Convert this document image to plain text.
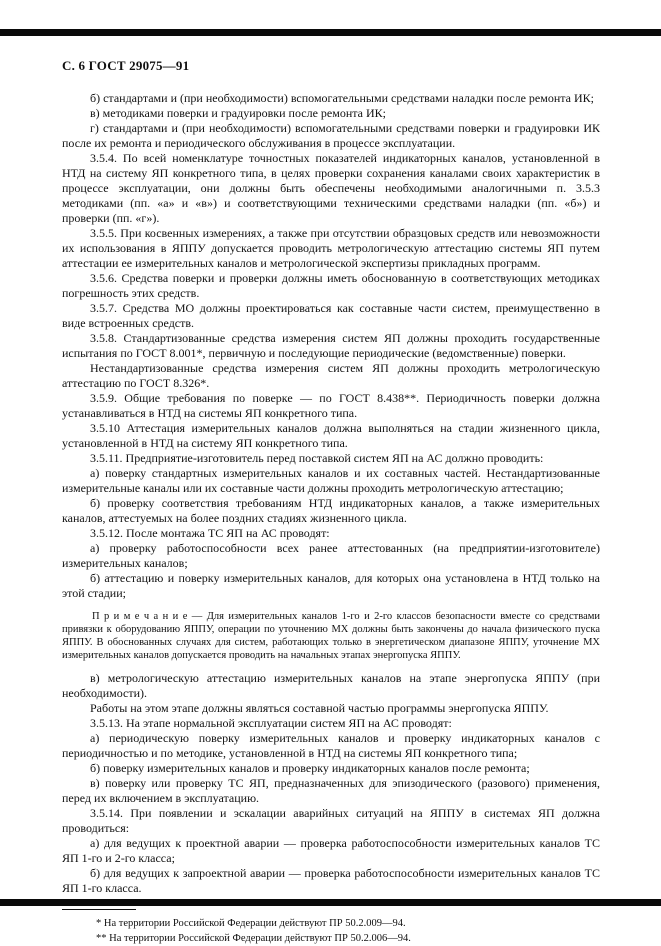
С. 6 ГОСТ 29075—91

б) стандартами и (при необходимости) вспомогательными средствами наладки после ремонта ИК;

в) методиками поверки и градуировки после ремонта ИК;

г) стандартами и (при необходимости) вспомогательными средствами поверки и градуировки ИК после их ремонта и периодического обслуживания в процессе эксплуатации.

3.5.4. По всей номенклатуре точностных показателей индикаторных каналов, установленной в НТД на систему ЯП конкретного типа, в целях проверки сохранения каналами своих характеристик в процессе эксплуатации, они должны быть обеспечены необходимыми аналогичными п. 3.5.3 методиками (пп. «а» и «в») и соответствующими техническими средствами наладки (пп. «б») и проверки (пп. «г»).

3.5.5. При косвенных измерениях, а также при отсутствии образцовых средств или невозможности их использования в ЯППУ допускается проводить метрологическую аттестацию системы ЯП путем аттестации ее измерительных каналов и метрологической экспертизы прикладных программ.

3.5.6. Средства поверки и проверки должны иметь обоснованную в соответствующих методиках погрешность этих средств.

3.5.7. Средства МО должны проектироваться как составные части систем, преимущественно в виде встроенных средств.

3.5.8. Стандартизованные средства измерения систем ЯП должны проходить государственные испытания по ГОСТ 8.001*, первичную и последующие периодические (ведомственные) поверки.

Нестандартизованные средства измерения систем ЯП должны проходить метрологическую аттестацию по ГОСТ 8.326*.

3.5.9. Общие требования по поверке — по ГОСТ 8.438**. Периодичность поверки должна устанавливаться в НТД на системы ЯП конкретного типа.

3.5.10 Аттестация измерительных каналов должна выполняться на стадии жизненного цикла, установленной в НТД на систему ЯП конкретного типа.

3.5.11. Предприятие-изготовитель перед поставкой систем ЯП на АС должно проводить:

а) поверку стандартных измерительных каналов и их составных частей. Нестандартизованные измерительные каналы или их составные части должны проходить метрологическую аттестацию;

б) проверку соответствия требованиям НТД индикаторных каналов, а также измерительных каналов, аттестуемых на более поздних стадиях жизненного цикла.

3.5.12. После монтажа ТС ЯП на АС проводят:

а) проверку работоспособности всех ранее аттестованных (на предприятии-изготовителе) измерительных каналов;

б) аттестацию и поверку измерительных каналов, для которых она установлена в НТД только на этой стадии;

П р и м е ч а н и е — Для измерительных каналов 1-го и 2-го классов безопасности вместе со средствами привязки к оборудованию ЯППУ, операции по уточнению МХ должны быть закончены до начала физического пуска ЯППУ. В обоснованных случаях для систем, работающих только в энергетическом диапазоне ЯППУ, уточнение МХ измерительных каналов допускается проводить на начальных этапах энергопуска ЯППУ.

в) метрологическую аттестацию измерительных каналов на этапе энергопуска ЯППУ (при необходимости).

Работы на этом этапе должны являться составной частью программы энергопуска ЯППУ.

3.5.13. На этапе нормальной эксплуатации систем ЯП на АС проводят:

а) периодическую поверку измерительных каналов и проверку индикаторных каналов с периодичностью и по методике, установленной в НТД на системы ЯП конкретного типа;

б) поверку измерительных каналов и проверку индикаторных каналов после ремонта;

в) поверку или проверку ТС ЯП, предназначенных для эпизодического (разового) применения, перед их включением в эксплуатацию.

3.5.14. При появлении и эскалации аварийных ситуаций на ЯППУ в системах ЯП должна проводиться:

а) для ведущих к проектной аварии — проверка работоспособности измерительных каналов ТС ЯП 1-го и 2-го класса;

б) для ведущих к запроектной аварии — проверка работоспособности измерительных каналов ТС ЯП 1-го класса.

* На территории Российской Федерации действуют ПР 50.2.009—94.

** На территории Российской Федерации действуют ПР 50.2.006—94.
